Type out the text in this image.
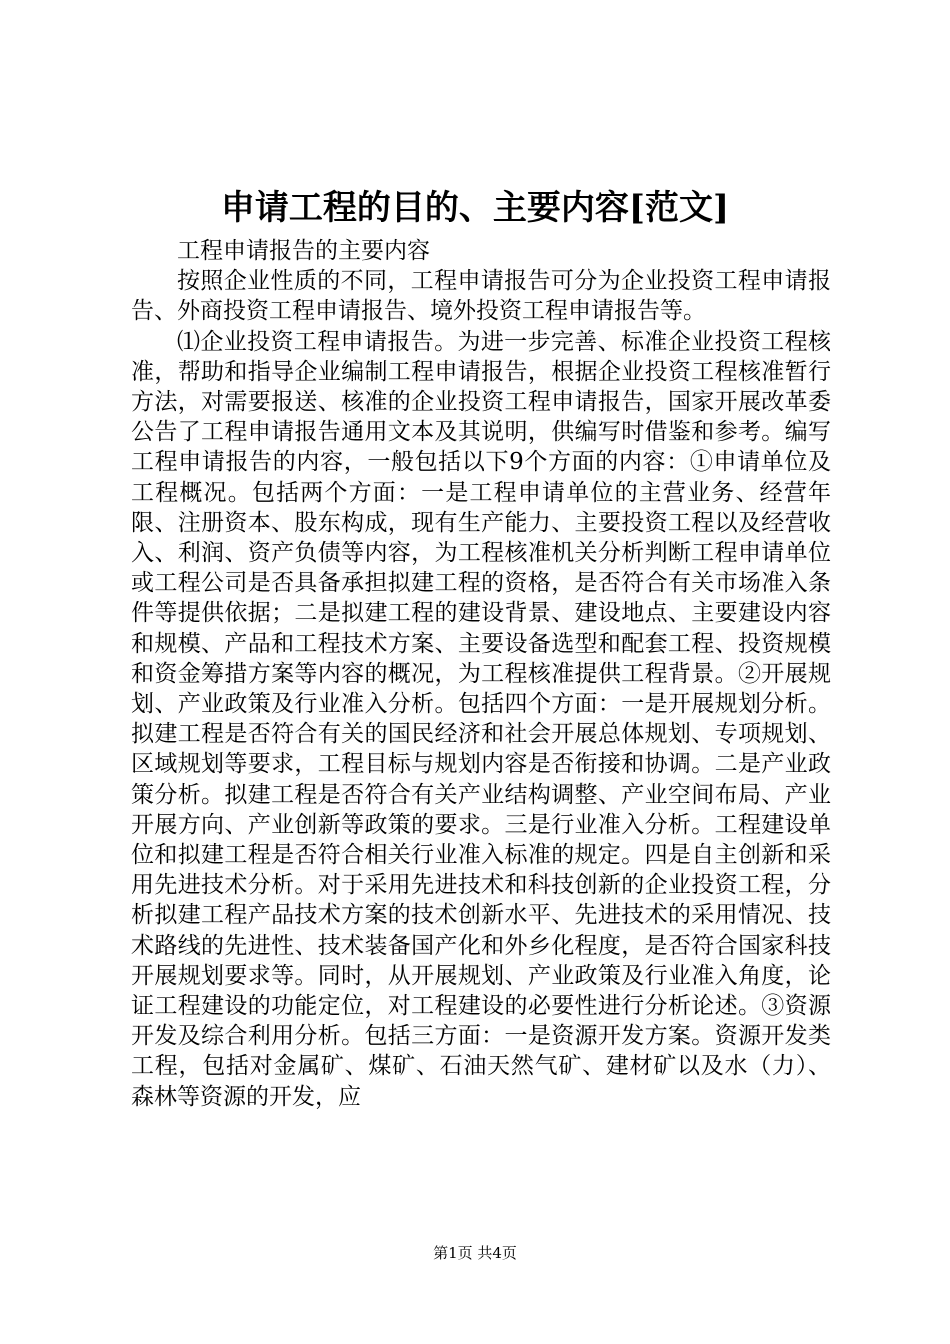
申请工程的目的、主要内容[范文]

工程申请报告的主要内容

按照企业性质的不同，工程申请报告可分为企业投资工程申请报告、外商投资工程申请报告、境外投资工程申请报告等。

⑴企业投资工程申请报告。为进一步完善、标准企业投资工程核准，帮助和指导企业编制工程申请报告，根据企业投资工程核准暂行方法，对需要报送、核准的企业投资工程申请报告，国家开展改革委公告了工程申请报告通用文本及其说明，供编写时借鉴和参考。编写工程申请报告的内容，一般包括以下9个方面的内容：①申请单位及工程概况。包括两个方面：一是工程申请单位的主营业务、经营年限、注册资本、股东构成，现有生产能力、主要投资工程以及经营收入、利润、资产负债等内容，为工程核准机关分析判断工程申请单位或工程公司是否具备承担拟建工程的资格，是否符合有关市场准入条件等提供依据；二是拟建工程的建设背景、建设地点、主要建设内容和规模、产品和工程技术方案、主要设备选型和配套工程、投资规模和资金筹措方案等内容的概况，为工程核准提供工程背景。②开展规划、产业政策及行业准入分析。包括四个方面：一是开展规划分析。拟建工程是否符合有关的国民经济和社会开展总体规划、专项规划、区域规划等要求，工程目标与规划内容是否衔接和协调。二是产业政策分析。拟建工程是否符合有关产业结构调整、产业空间布局、产业开展方向、产业创新等政策的要求。三是行业准入分析。工程建设单位和拟建工程是否符合相关行业准入标准的规定。四是自主创新和采用先进技术分析。对于采用先进技术和科技创新的企业投资工程，分析拟建工程产品技术方案的技术创新水平、先进技术的采用情况、技术路线的先进性、技术装备国产化和外乡化程度，是否符合国家科技开展规划要求等。同时，从开展规划、产业政策及行业准入角度，论证工程建设的功能定位，对工程建设的必要性进行分析论述。③资源开发及综合利用分析。包括三方面：一是资源开发方案。资源开发类工程，包括对金属矿、煤矿、石油天然气矿、建材矿以及水（力）、森林等资源的开发，应

第1页 共4页
